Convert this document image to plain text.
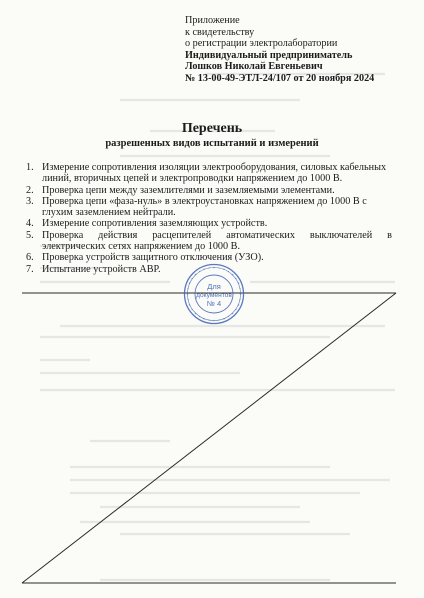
Приложение
к свидетельству
о регистрации электролаборатории
Индивидуальный предприниматель
Лошков Николай Евгеньевич
№ 13-00-49-ЭТЛ-24/107 от 20 ноября 2024
Перечень
разрешенных видов испытаний и измерений
1. Измерение сопротивления изоляции электрооборудования, силовых кабельных линий, вторичных цепей и электропроводки напряжением до 1000 В.
2. Проверка цепи между заземлителями и заземляемыми элементами.
3. Проверка цепи «фаза-нуль» в электроустановках напряжением до 1000 В с глухим заземлением нейтрали.
4. Измерение сопротивления заземляющих устройств.
5. Проверка действия расцепителей автоматических выключателей в электрических сетях напряжением до 1000 В.
6. Проверка устройств защитного отключения (УЗО).
7. Испытание устройств АВР.
Для
документов
№ 4
